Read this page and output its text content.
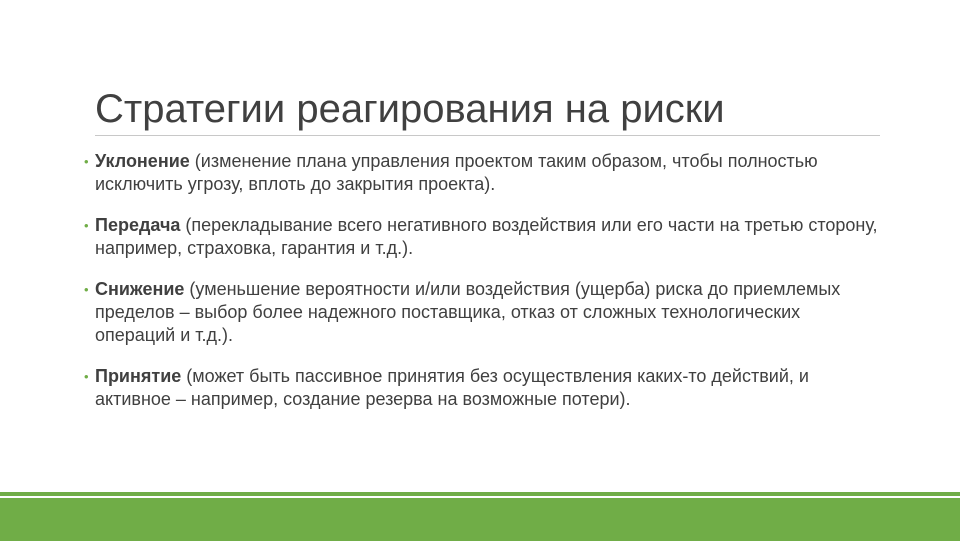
Стратегии реагирования на риски
• Уклонение (изменение плана управления проектом таким образом, чтобы полностью исключить угрозу, вплоть до закрытия проекта).
• Передача (перекладывание всего негативного воздействия или его части на третью сторону, например, страховка, гарантия и т.д.).
• Снижение (уменьшение вероятности и/или воздействия (ущерба) риска до приемлемых пределов – выбор более надежного поставщика, отказ от сложных технологических операций и т.д.).
• Принятие (может быть пассивное принятия без осуществления каких-то действий, и активное – например, создание резерва на возможные потери).
